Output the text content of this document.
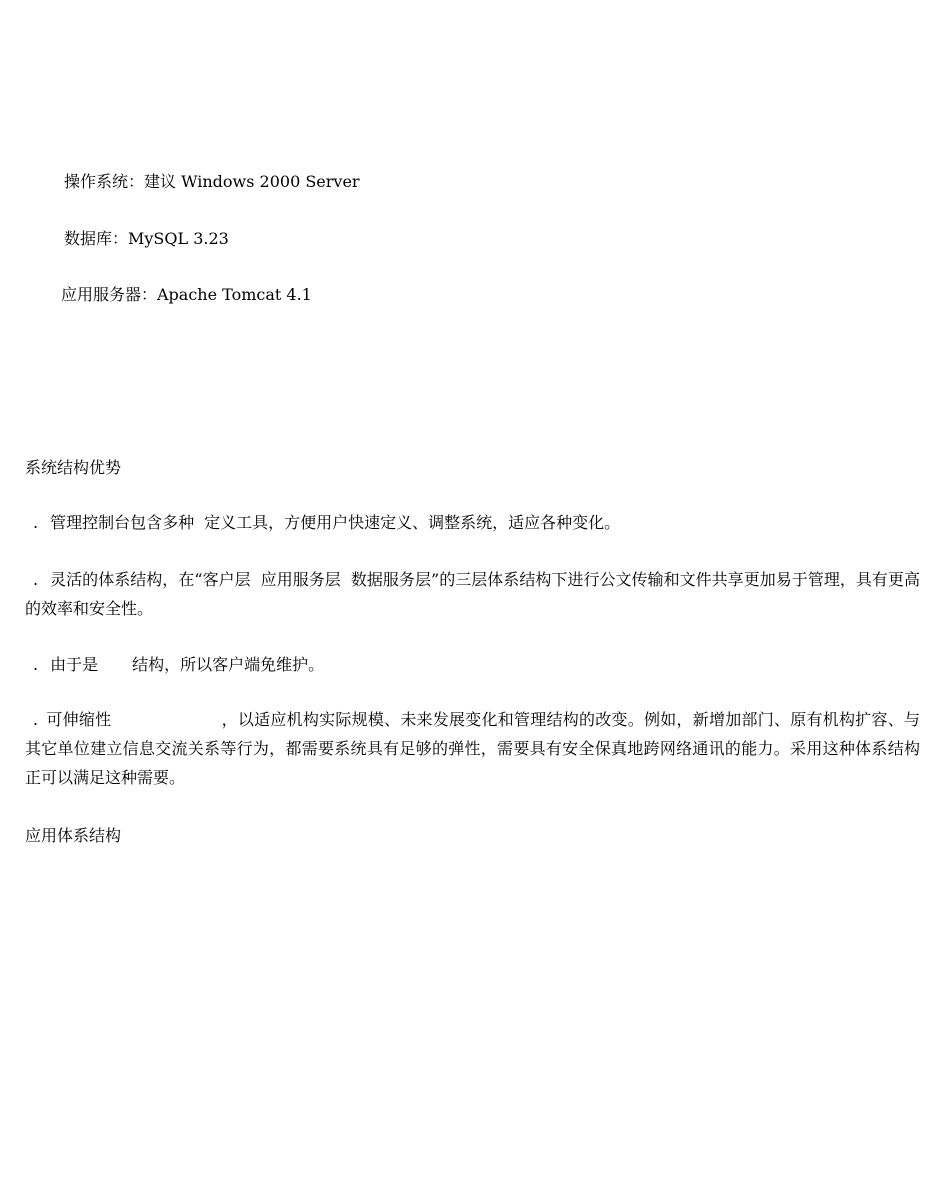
操作系统：建议 Windows 2000 Server
数据库：MySQL 3.23
应用服务器：Apache Tomcat 4.1
系统结构优势
. 管理控制台包含多种 定义工具，方便用户快速定义、调整系统，适应各种变化。
. 灵活的体系结构，在“客户层 应用服务层 数据服务层”的三层体系结构下进行公文传输和文件共享更加易于管理，具有更高的效率和安全性。
. 由于是 结构，所以客户端免维护。
. 可伸缩性	，以适应机构实际规模、未来发展变化和管理结构的改变。例如，新增加部门、原有机构扩容、与其它单位建立信息交流关系等行为，都需要系统具有足够的弹性，需要具有安全保真地跨网络通讯的能力。采用这种体系结构正可以满足这种需要。
应用体系结构
